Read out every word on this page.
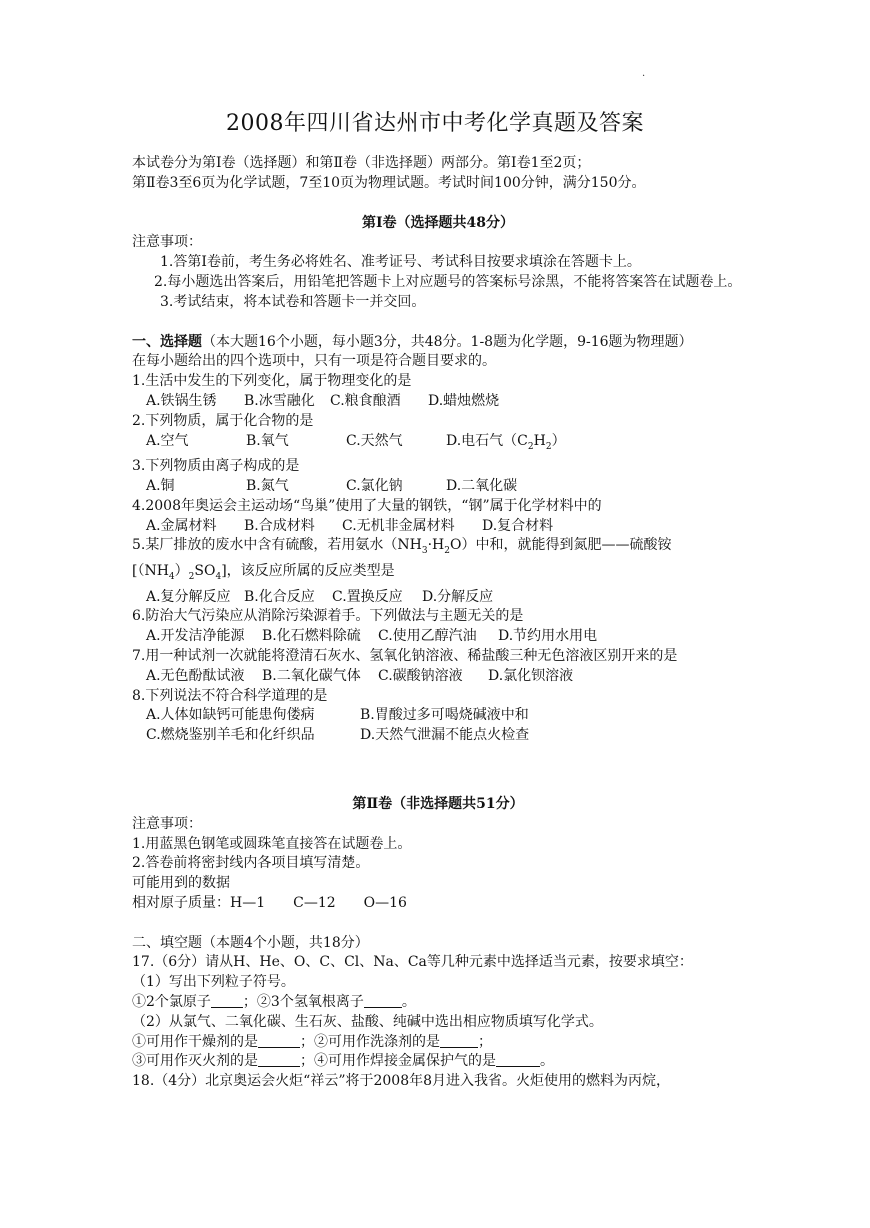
.
2008年四川省达州市中考化学真题及答案
本试卷分为第Ⅰ卷（选择题）和第Ⅱ卷（非选择题）两部分。第Ⅰ卷1至2页；
第Ⅱ卷3至6页为化学试题，7至10页为物理试题。考试时间100分钟，满分150分。
第Ⅰ卷（选择题共48分）
注意事项：
1.答第Ⅰ卷前，考生务必将姓名、准考证号、考试科目按要求填涂在答题卡上。
2.每小题选出答案后，用铅笔把答题卡上对应题号的答案标号涂黑，不能将答案答在试题卷上。
3.考试结束，将本试卷和答题卡一并交回。
一、选择题（本大题16个小题，每小题3分，共48分。1-8题为化学题，9-16题为物理题）
在每小题给出的四个选项中，只有一项是符合题目要求的。
1.生活中发生的下列变化，属于物理变化的是
A.铁锅生锈 B.冰雪融化 C.粮食酿酒 D.蜡烛燃烧
2.下列物质，属于化合物的是
A.空气	B.氧气	C.天然气	D.电石气$(C_2H_2)$
3.下列物质由离子构成的是
A.铜	B.氮气	C.氯化钠	D.二氧化碳
4.2008年奥运会主运动场“鸟巢”使用了大量的钢铁，“钢”属于化学材料中的
A.金属材料 B.合成材料 C.无机非金属材料 D.复合材料
5.某厂排放的废水中含有硫酸，若用氨水$(NH_3\cdot H_2O)$中和，就能得到氮肥——硫酸铵
$[(NH_4)_2SO_4]$，该反应所属的反应类型是
A.复分解反应 B.化合反应 C.置换反应 D.分解反应
6.防治大气污染应从消除污染源着手。下列做法与主题无关的是
A.开发洁净能源 B.化石燃料除硫 C.使用乙醇汽油 D.节约用水用电
7.用一种试剂一次就能将澄清石灰水、氢氧化钠溶液、稀盐酸三种无色溶液区别开来的是
A.无色酚酞试液 B.二氧化碳气体 C.碳酸钠溶液 D.氯化钡溶液
8.下列说法不符合科学道理的是
A.人体如缺钙可能患佝偻病	B.胃酸过多可喝烧碱液中和
C.燃烧鉴别羊毛和化纤织品	D.天然气泄漏不能点火检查
第Ⅱ卷（非选择题共51分）
注意事项：
1.用蓝黑色钢笔或圆珠笔直接答在试题卷上。
2.答卷前将密封线内各项目填写清楚。
可能用到的数据
相对原子质量：H—1　　C—12　　O—16
二、填空题（本题4个小题，共18分）
17.（6分）请从H、He、O、C、Cl、Na、Ca等几种元素中选择适当元素，按要求填空：
（1）写出下列粒子符号。
①2个氯原子 ；②3个氢氧根离子	。
（2）从氯气、二氧化碳、生石灰、盐酸、纯碱中选出相应物质填写化学式。
①可用作干燥剂的是	；②可用作洗涤剂的是	；
③可用作灭火剂的是	；④可用作焊接金属保护气的是	。
18.（4分）北京奥运会火炬“祥云”将于2008年8月进入我省。火炬使用的燃料为丙烷，
